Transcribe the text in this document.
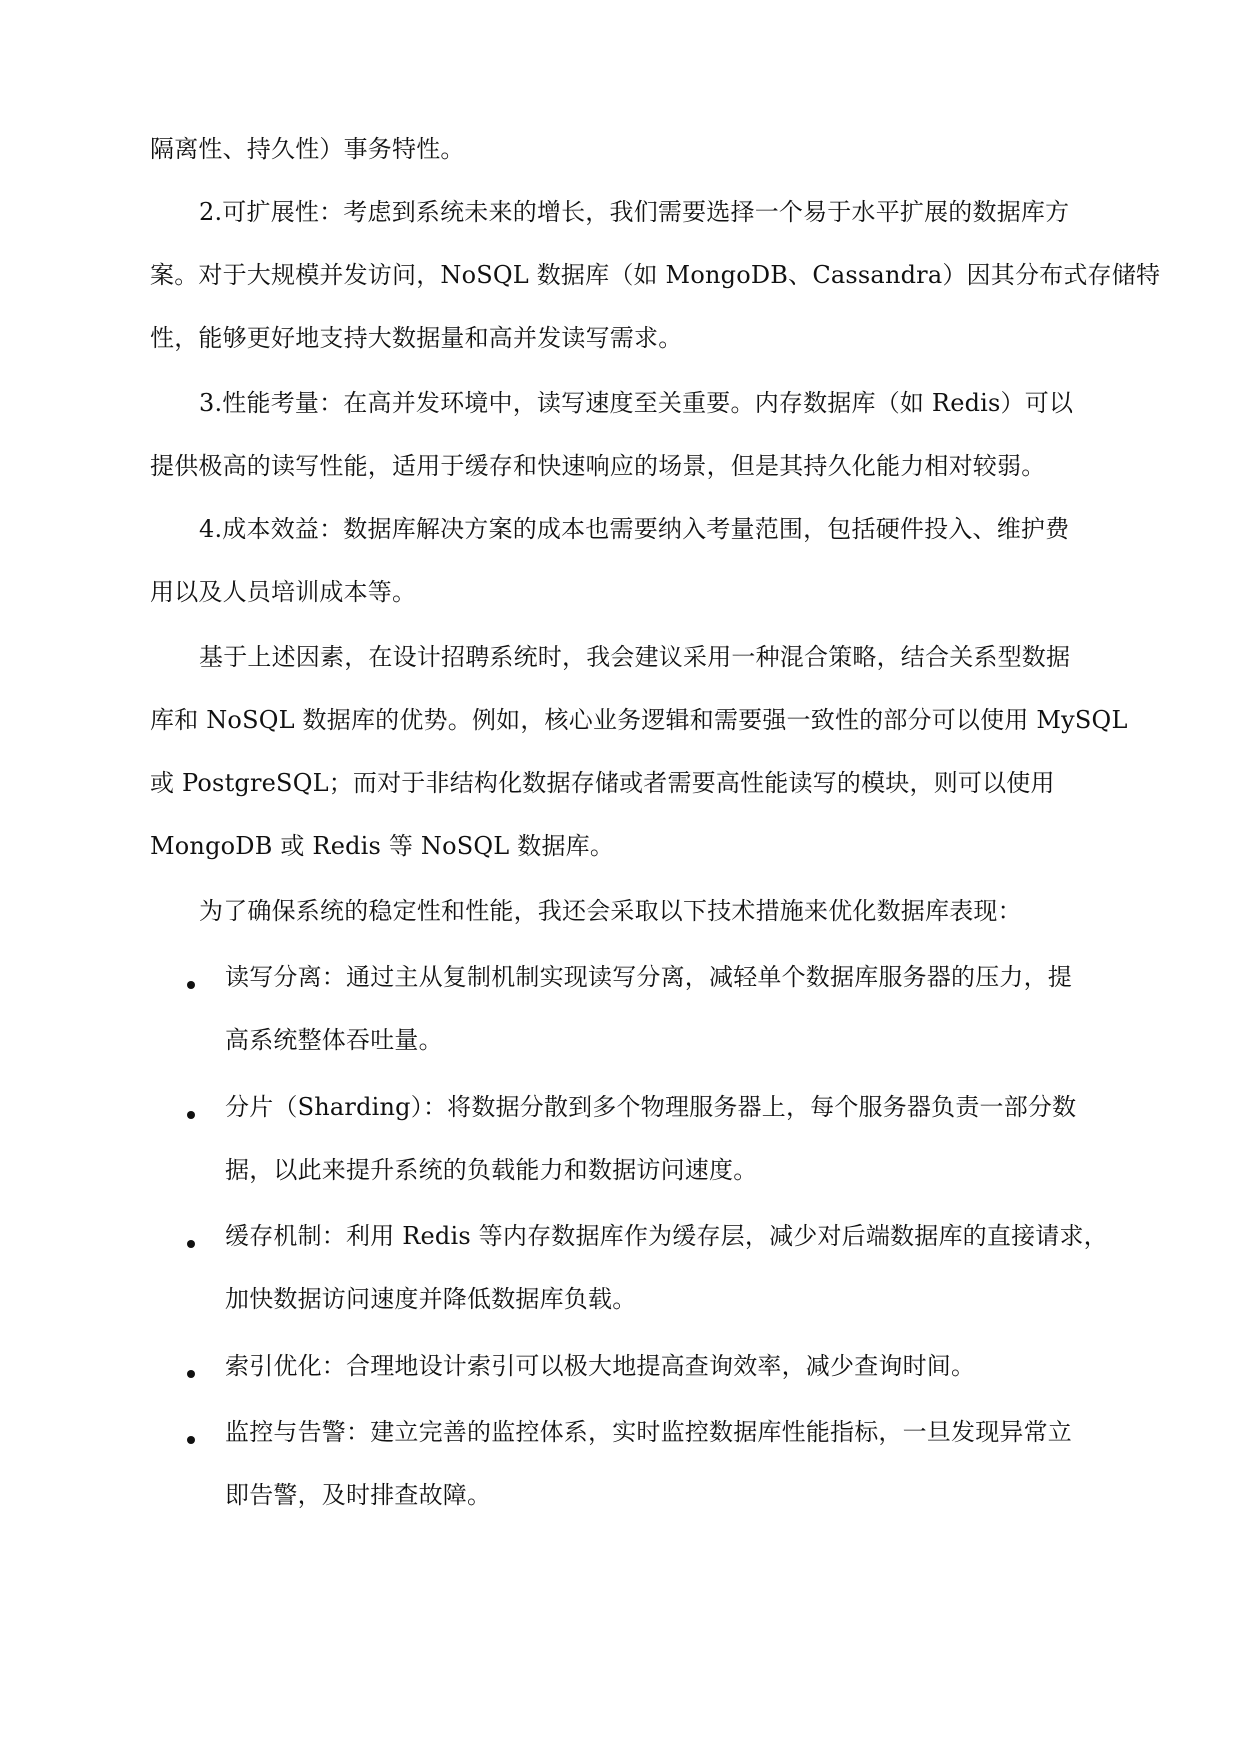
隔离性、持久性）事务特性。
2.可扩展性：考虑到系统未来的增长，我们需要选择一个易于水平扩展的数据库方
案。对于大规模并发访问，NoSQL 数据库（如 MongoDB、Cassandra）因其分布式存储特
性，能够更好地支持大数据量和高并发读写需求。
3.性能考量：在高并发环境中，读写速度至关重要。内存数据库（如 Redis）可以
提供极高的读写性能，适用于缓存和快速响应的场景，但是其持久化能力相对较弱。
4.成本效益：数据库解决方案的成本也需要纳入考量范围，包括硬件投入、维护费
用以及人员培训成本等。
基于上述因素，在设计招聘系统时，我会建议采用一种混合策略，结合关系型数据
库和 NoSQL 数据库的优势。例如，核心业务逻辑和需要强一致性的部分可以使用 MySQL
或 PostgreSQL；而对于非结构化数据存储或者需要高性能读写的模块，则可以使用
MongoDB 或 Redis 等 NoSQL 数据库。
为了确保系统的稳定性和性能，我还会采取以下技术措施来优化数据库表现：
读写分离：通过主从复制机制实现读写分离，减轻单个数据库服务器的压力，提
高系统整体吞吐量。
分片（Sharding）：将数据分散到多个物理服务器上，每个服务器负责一部分数
据，以此来提升系统的负载能力和数据访问速度。
缓存机制：利用 Redis 等内存数据库作为缓存层，减少对后端数据库的直接请求，
加快数据访问速度并降低数据库负载。
索引优化：合理地设计索引可以极大地提高查询效率，减少查询时间。
监控与告警：建立完善的监控体系，实时监控数据库性能指标，一旦发现异常立
即告警，及时排查故障。
